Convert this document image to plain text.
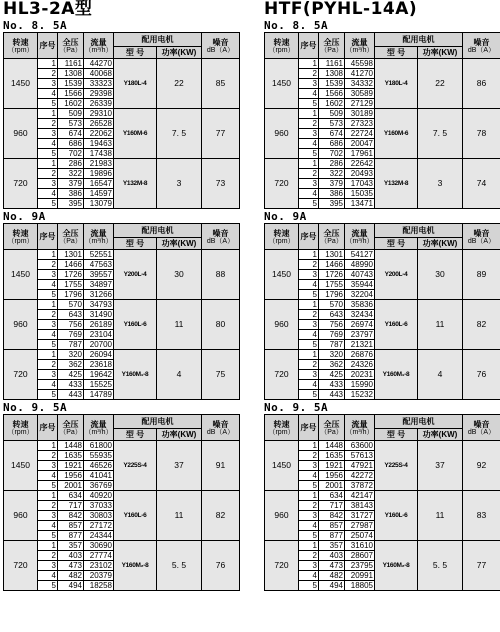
HL3-2A型
No. 8. 5A
转速
（rpm）	序号	全压
（Pa）	流量
（m³/h）	配用电机		噪音
dB（A）

				型 号	功率(KW)	
1450	1	1161	44270	Y180L-4	22	85
	2	1308	40068			
	3	1539	33323			
	4	1566	29398			
	5	1602	26339			
960	1	509	29310	Y160M-6	7. 5	77
	2	573	26528			
	3	674	22062			
	4	686	19463			
	5	702	17438			
720	1	286	21983	Y132M-8	3	73
	2	322	19896			
	3	379	16547			
	4	386	14597			
	5	395	13079			
No. 9A
转速
（rpm）	序号	全压
（Pa）	流量
（m³/h）	配用电机		噪音
dB（A）

				型 号	功率(KW)	
1450	1	1301	52551	Y200L-4	30	88
	2	1466	47563			
	3	1726	39557			
	4	1755	34897			
	5	1796	31266			
960	1	570	34793	Y160L-6	11	80
	2	643	31490			
	3	756	26189			
	4	769	23104			
	5	787	20700			
720	1	320	26094	Y160M₁-8	4	75
	2	362	23618			
	3	425	19642			
	4	433	15525			
	5	443	14789			
No. 9. 5A
转速
（rpm）	序号	全压
（Pa）	流量
（m³/h）	配用电机		噪音
dB（A）

				型 号	功率(KW)	
1450	1	1448	61800	Y225S-4	37	91
	2	1635	55935			
	3	1921	46526			
	4	1956	41041			
	5	2001	36769			
960	1	634	40920	Y160L-6	11	82
	2	717	37033			
	3	842	30803			
	4	857	27172			
	5	877	24344			
720	1	357	30690	Y160M₂-8	5. 5	76
	2	403	27774			
	3	473	23102			
	4	482	20379			
	5	494	18258			
HTF(PYHL-14A)
No. 8. 5A
转速
（rpm）	序号	全压
（Pa）	流量
（m³/h）	配用电机		噪音
dB（A）

				型 号	功率(KW)	
1450	1	1161	45598	Y180L-4	22	86
	2	1308	41270			
	3	1539	34332			
	4	1566	30589			
	5	1602	27129			
960	1	509	30189	Y160M-6	7. 5	78
	2	573	27323			
	3	674	22724			
	4	686	20047			
	5	702	17961			
720	1	286	22642	Y132M-8	3	74
	2	322	20493			
	3	379	17043			
	4	386	15035			
	5	395	13471			
No. 9A
转速
（rpm）	序号	全压
（Pa）	流量
（m³/h）	配用电机		噪音
dB（A）

				型 号	功率(KW)	
1450	1	1301	54127	Y200L-4	30	89
	2	1466	48990			
	3	1726	40743			
	4	1755	35944			
	5	1796	32204			
960	1	570	35836	Y160L-6	11	82
	2	643	32434			
	3	756	26974			
	4	769	23797			
	5	787	21321			
720	1	320	26876	Y160M₁-8	4	76
	2	362	24326			
	3	425	20231			
	4	433	15990			
	5	443	15232			
No. 9. 5A
转速
（rpm）	序号	全压
（Pa）	流量
（m³/h）	配用电机		噪音
dB（A）

				型 号	功率(KW)	
1450	1	1448	63600	Y225S-4	37	92
	2	1635	57613			
	3	1921	47921			
	4	1956	42272			
	5	2001	37872			
960	1	634	42147	Y160L-6	11	83
	2	717	38143			
	3	842	31727			
	4	857	27987			
	5	877	25074			
720	1	357	31610	Y160M₂-8	5. 5	77
	2	403	28607			
	3	473	23795			
	4	482	20991			
	5	494	18805			
